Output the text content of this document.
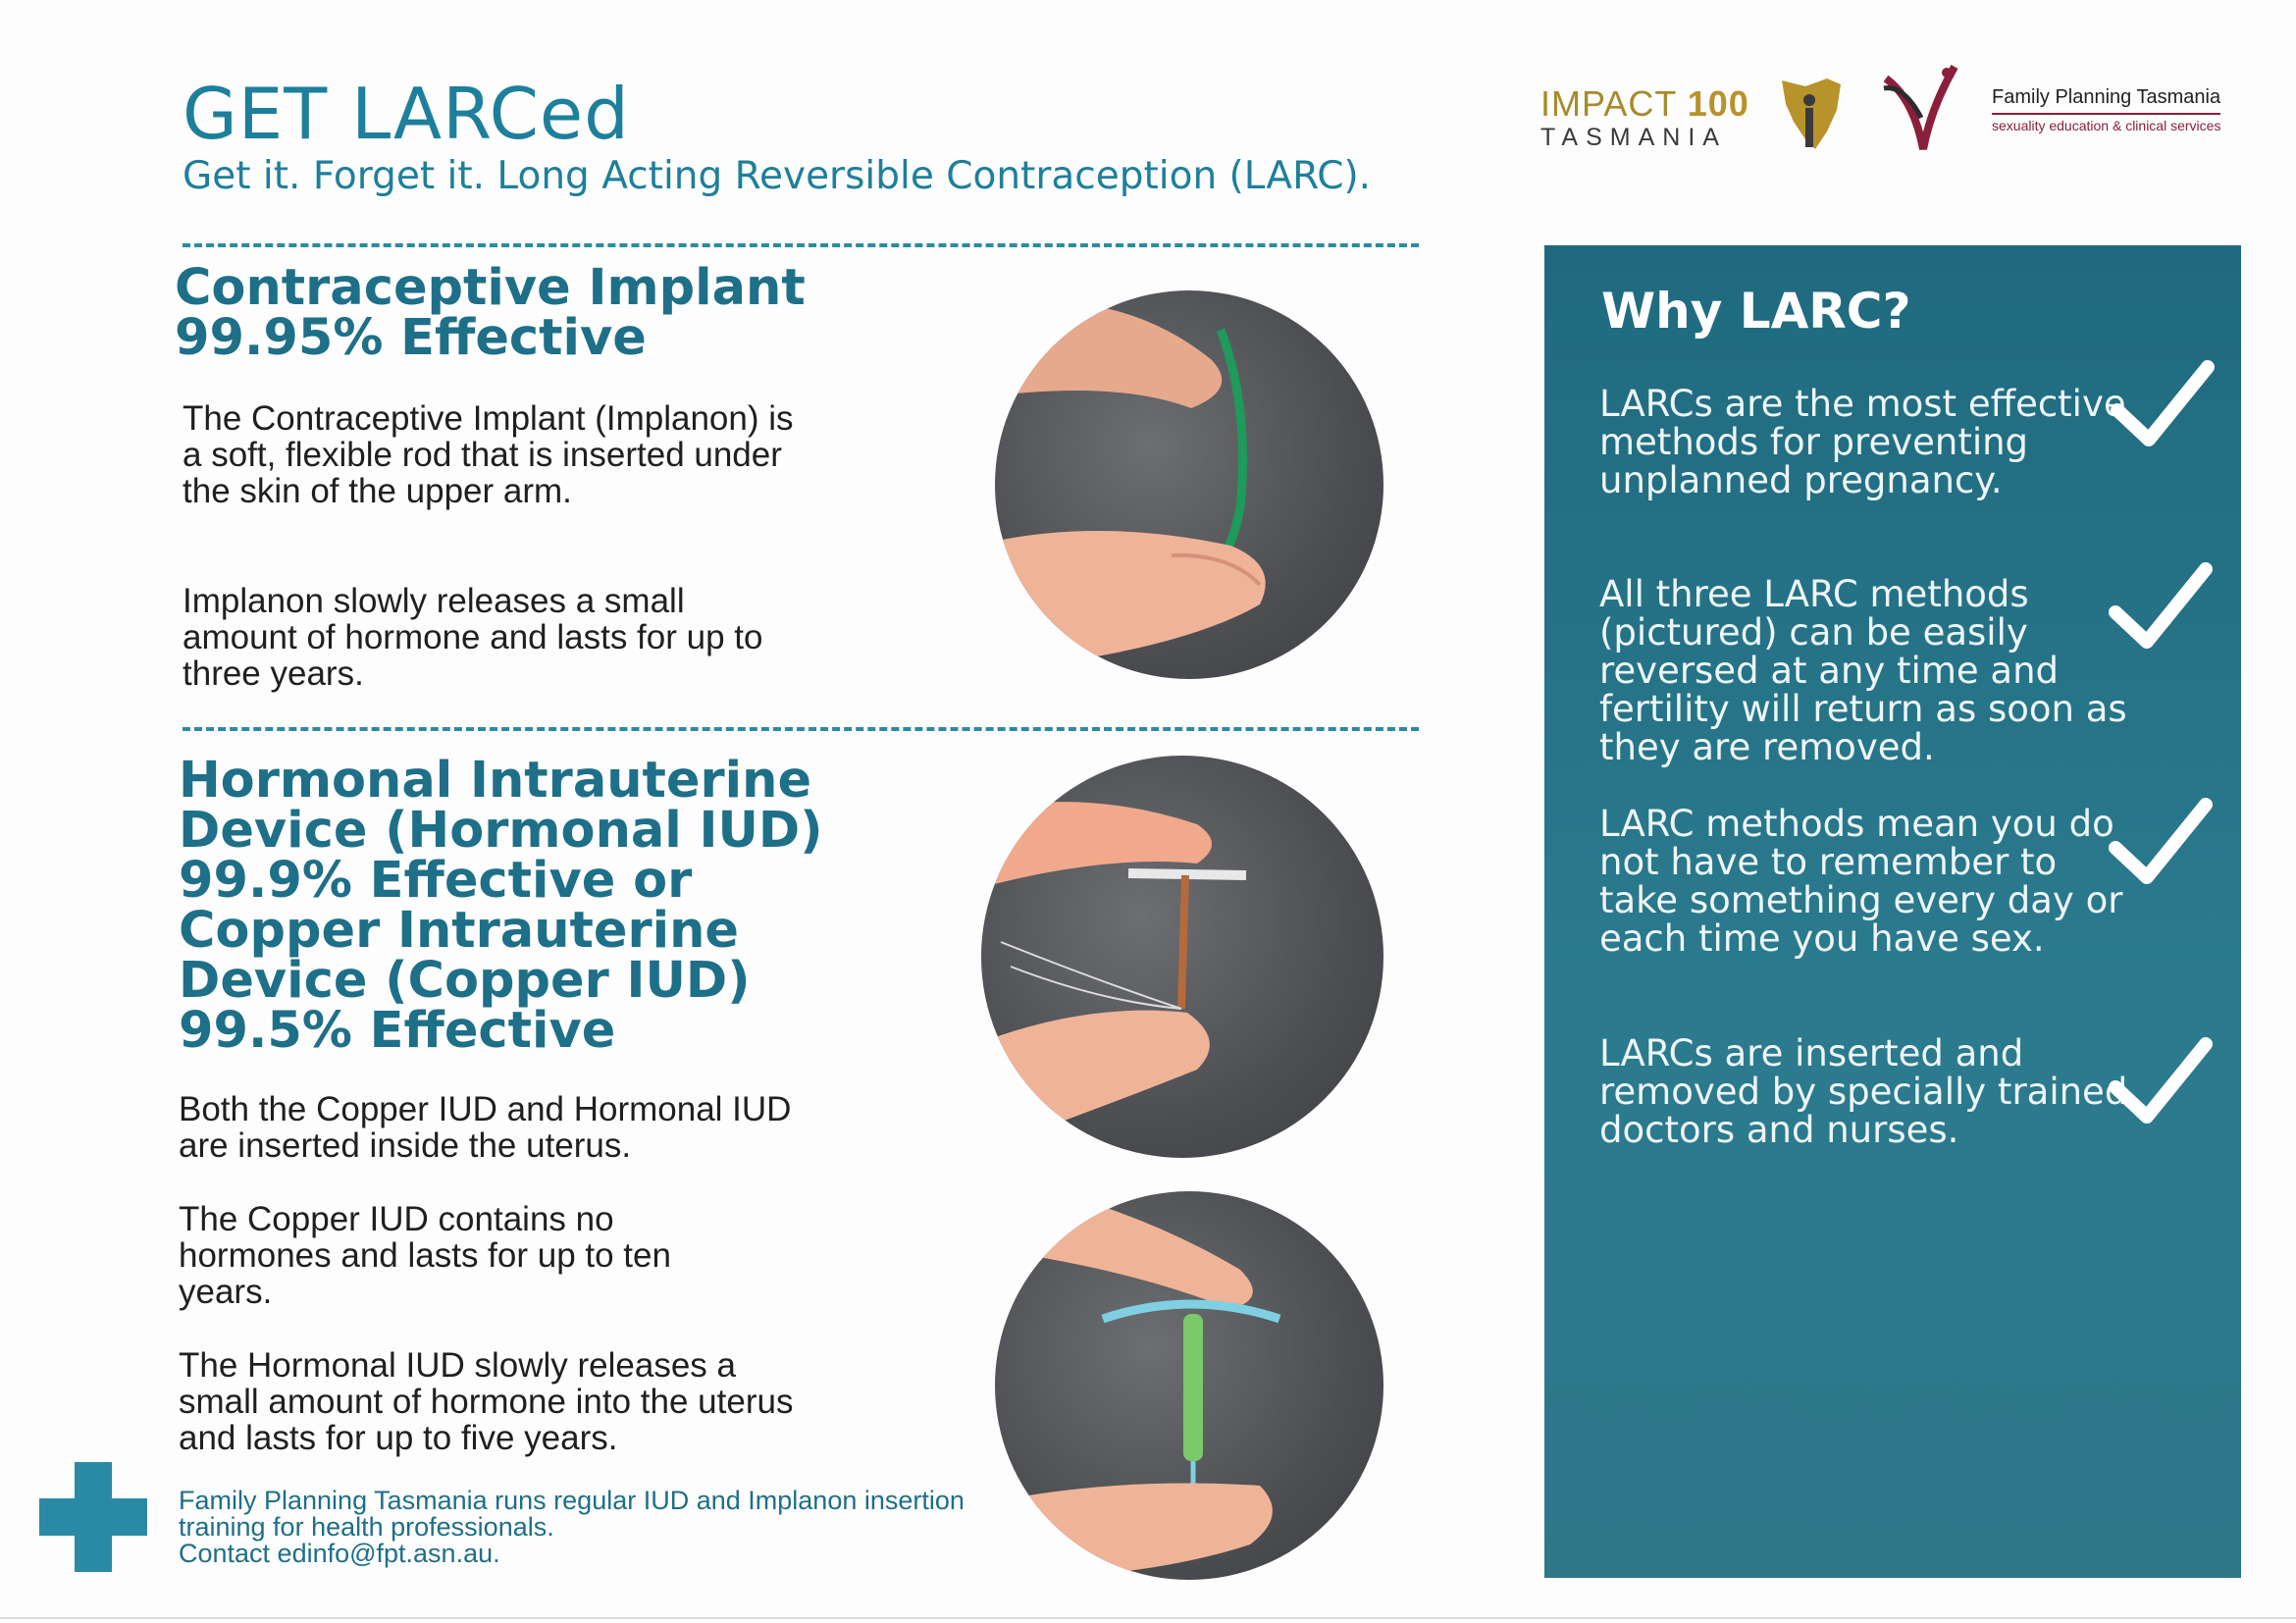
GET LARCed
Get it. Forget it. Long Acting Reversible Contraception (LARC).
IMPACT 100
TASMANIA
Family Planning Tasmania
sexuality education & clinical services
Contraceptive Implant
99.95% Effective
The Contraceptive Implant (Implanon) is a soft, flexible rod that is inserted under the skin of the upper arm.
Implanon slowly releases a small amount of hormone and lasts for up to three years.
Hormonal Intrauterine
Device (Hormonal IUD)
99.9% Effective or
Copper Intrauterine
Device (Copper IUD)
99.5% Effective
Both the Copper IUD and Hormonal IUD are inserted inside the uterus.
The Copper IUD contains no hormones and lasts for up to ten years.
The Hormonal IUD slowly releases a small amount of hormone into the uterus and lasts for up to five years.
Why LARC?
LARCs are the most effective methods for preventing unplanned pregnancy.
All three LARC methods (pictured) can be easily reversed at any time and fertility will return as soon as they are removed.
LARC methods mean you do not have to remember to take something every day or each time you have sex.
LARCs are inserted and removed by specially trained doctors and nurses.
Family Planning Tasmania runs regular IUD and Implanon insertion
training for health professionals.
Contact edinfo@fpt.asn.au.
